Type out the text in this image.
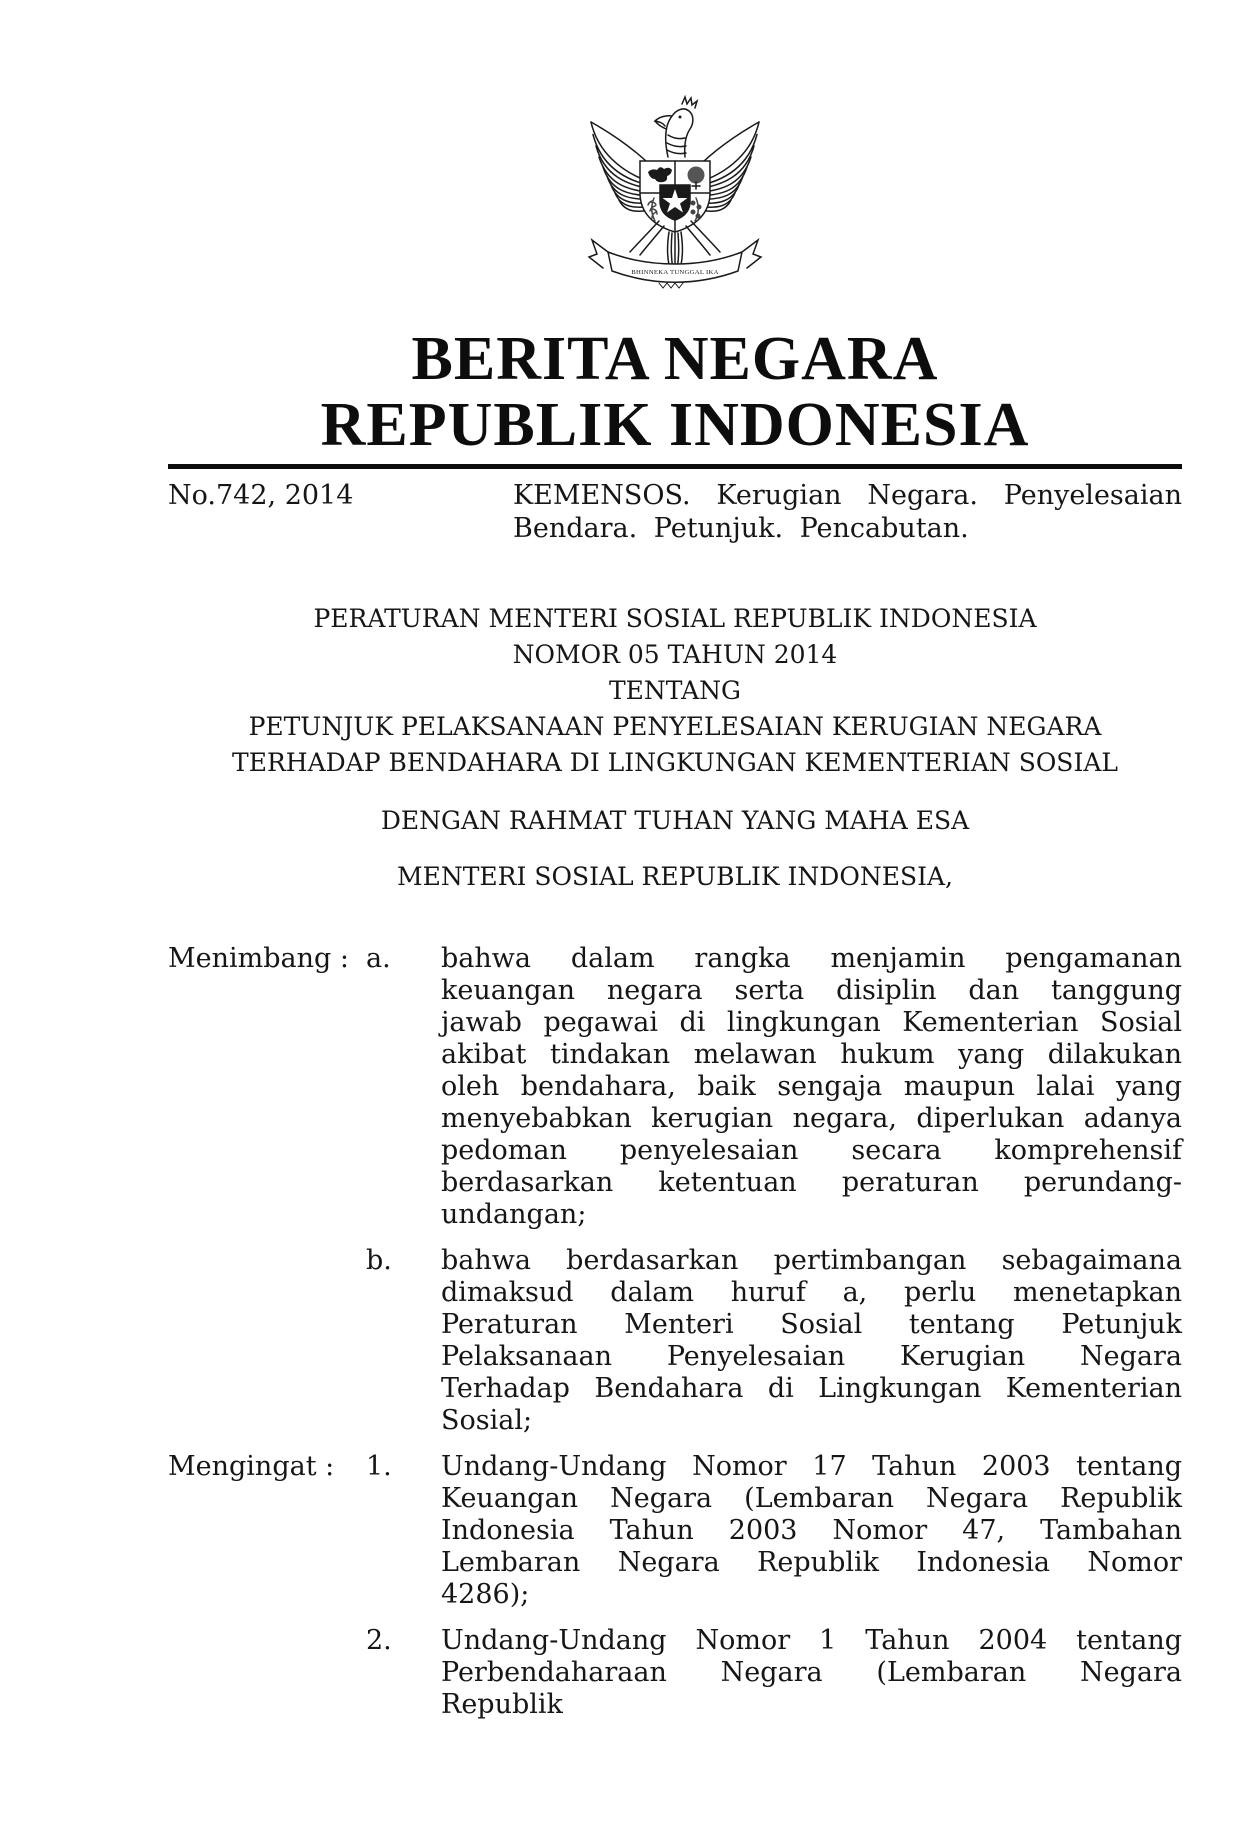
BHINNEKA TUNGGAL IKA
BERITA NEGARA
REPUBLIK INDONESIA
No.742, 2014	KEMENSOS. Kerugian Negara. Penyelesaian Bendara. Petunjuk. Pencabutan.
PERATURAN MENTERI SOSIAL REPUBLIK INDONESIA
NOMOR 05 TAHUN 2014
TENTANG
PETUNJUK PELAKSANAAN PENYELESAIAN KERUGIAN NEGARA
TERHADAP BENDAHARA DI LINGKUNGAN KEMENTERIAN SOSIAL
DENGAN RAHMAT TUHAN YANG MAHA ESA
MENTERI SOSIAL REPUBLIK INDONESIA,
Menimbang : a.	bahwa dalam rangka menjamin pengamanan keuangan negara serta disiplin dan tanggung jawab pegawai di lingkungan Kementerian Sosial akibat tindakan melawan hukum yang dilakukan oleh bendahara, baik sengaja maupun lalai yang menyebabkan kerugian negara, diperlukan adanya pedoman penyelesaian secara komprehensif berdasarkan ketentuan peraturan perundang-undangan;
b.	bahwa berdasarkan pertimbangan sebagaimana dimaksud dalam huruf a, perlu menetapkan Peraturan Menteri Sosial tentang Petunjuk Pelaksanaan Penyelesaian Kerugian Negara Terhadap Bendahara di Lingkungan Kementerian Sosial;
Mengingat :	1.	Undang-Undang Nomor 17 Tahun 2003 tentang Keuangan Negara (Lembaran Negara Republik Indonesia Tahun 2003 Nomor 47, Tambahan Lembaran Negara Republik Indonesia Nomor 4286);
2.	Undang-Undang Nomor 1 Tahun 2004 tentang Perbendaharaan Negara (Lembaran Negara Republik
